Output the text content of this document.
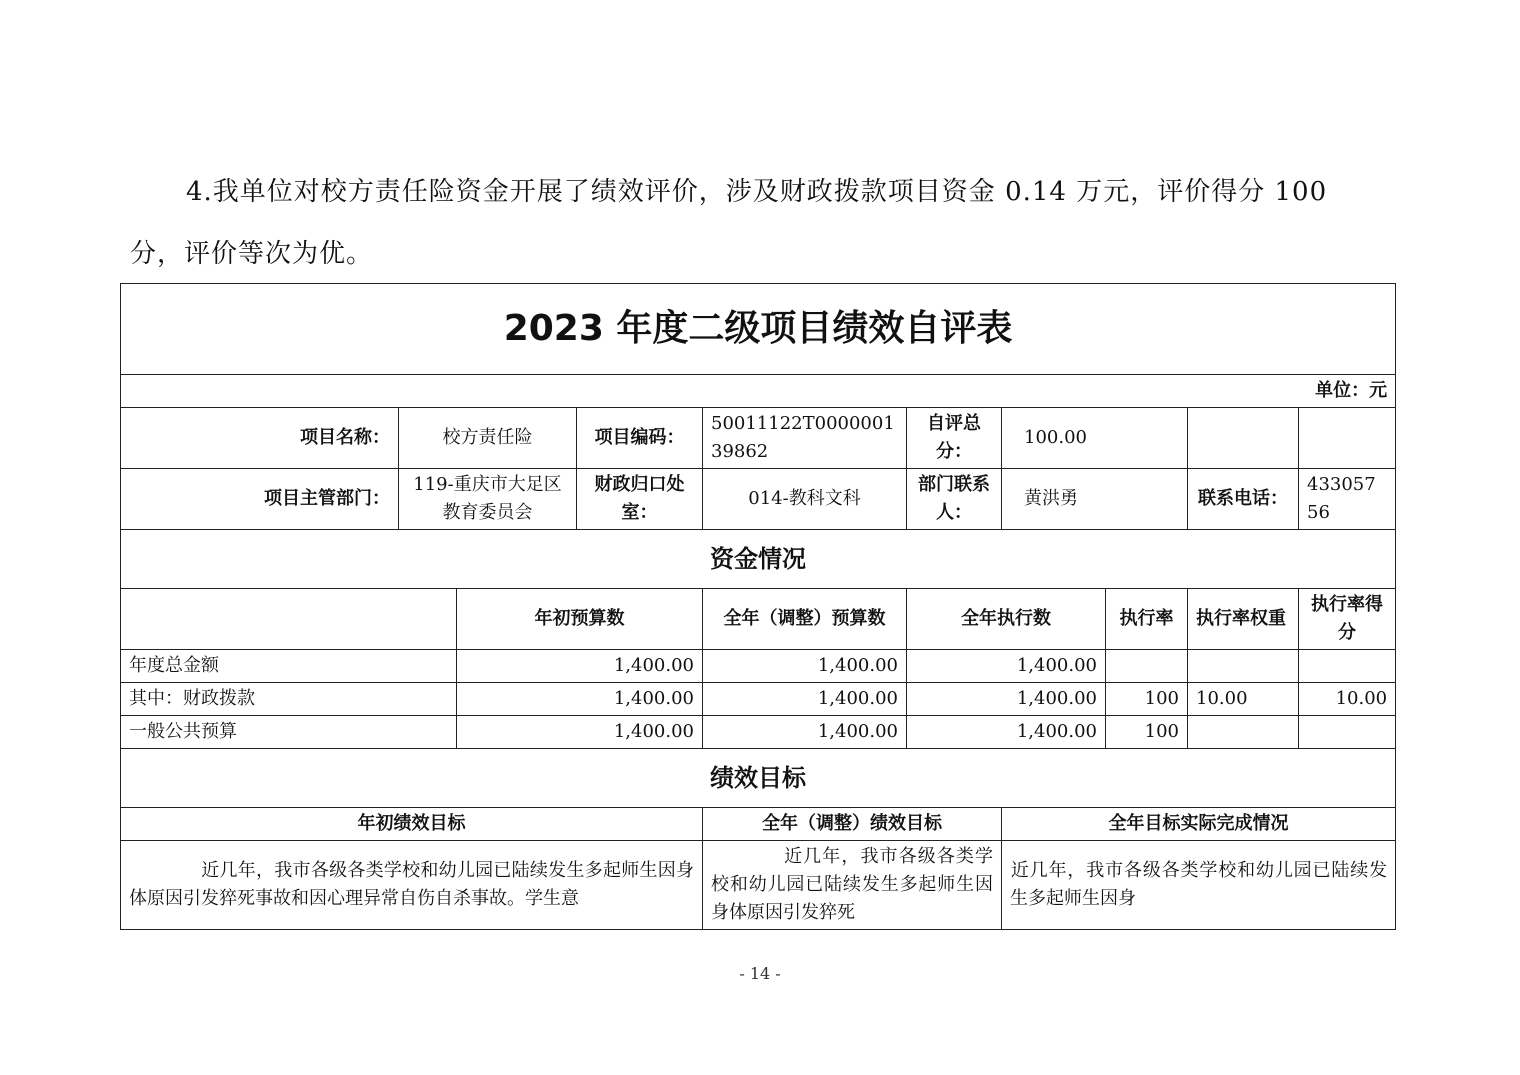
4.我单位对校方责任险资金开展了绩效评价，涉及财政拨款项目资金 0.14 万元，评价得分 100

分，评价等次为优。

2023 年度二级项目绩效自评表									
单位：元									
项目名称：	校方责任险		项目编码：	50011122T000000139862	自评总分：	100.00			
项目主管部门：	119-重庆市大足区教育委员会		财政归口处室：	014-教科文科	部门联系人：	黄洪勇		联系电话：	43305756
资金情况									
		年初预算数		全年（调整）预算数	全年执行数		执行率	执行率权重	执行率得分
年度总金额		1,400.00		1,400.00	1,400.00				
其中：财政拨款		1,400.00		1,400.00	1,400.00		100	10.00	10.00
一般公共预算		1,400.00		1,400.00	1,400.00		100		
绩效目标									
年初绩效目标				全年（调整）绩效目标		全年目标实际完成情况			
近几年，我市各级各类学校和幼儿园已陆续发生多起师生因身体原因引发猝死事故和因心理异常自伤自杀事故。学生意				近几年，我市各级各类学校和幼儿园已陆续发生多起师生因身体原因引发猝死		近几年，我市各级各类学校和幼儿园已陆续发生多起师生因身			
- 14 -
